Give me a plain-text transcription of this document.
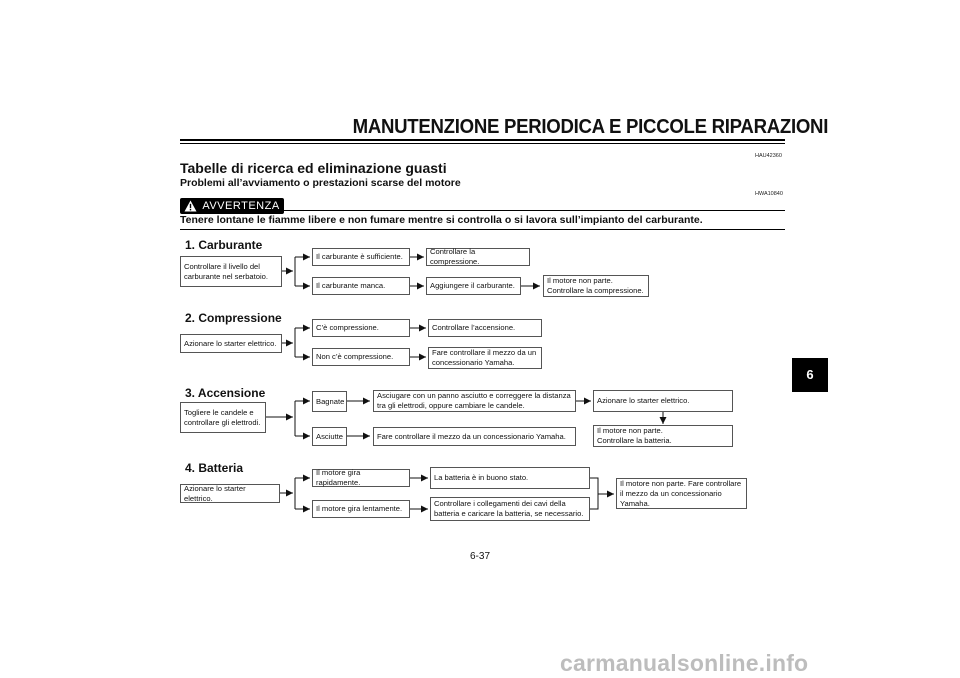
MANUTENZIONE PERIODICA E PICCOLE RIPARAZIONI
6
HAU42360
Tabelle di ricerca ed eliminazione guasti
Problemi all’avviamento o prestazioni scarse del motore
HWA10840
AVVERTENZA
Tenere lontane le fiamme libere e non fumare mentre si controlla o si lavora sull’impianto del carburante.
1. Carburante
Controllare il livello del
carburante nel serbatoio.
Il carburante è sufficiente.
Controllare la compressione.
Il carburante manca.	Aggiungere il carburante.
Il motore non parte.
Controllare la compressione.
2. Compressione
Azionare lo starter elettrico.
C’è compressione.	Controllare l’accensione.
Non c’è compressione.	Fare controllare il mezzo da un
concessionario Yamaha.
3. Accensione
Togliere le candele e
controllare gli elettrodi.
Bagnate
Asciugare con un panno asciutto e correggere la distanza
tra gli elettrodi, oppure cambiare le candele.
Azionare lo starter elettrico.
Il motore non parte.
Controllare la batteria.
Asciutte	Fare controllare il mezzo da un concessionario Yamaha.
4. Batteria
Azionare lo starter elettrico.
Il motore gira rapidamente.
La batteria è in buono stato.
Il motore gira lentamente.
Controllare i collegamenti dei cavi della
batteria e caricare la batteria, se necessario.
Il motore non parte. Fare controllare
il mezzo da un concessionario
Yamaha.
6-37
carmanualsonline.info
